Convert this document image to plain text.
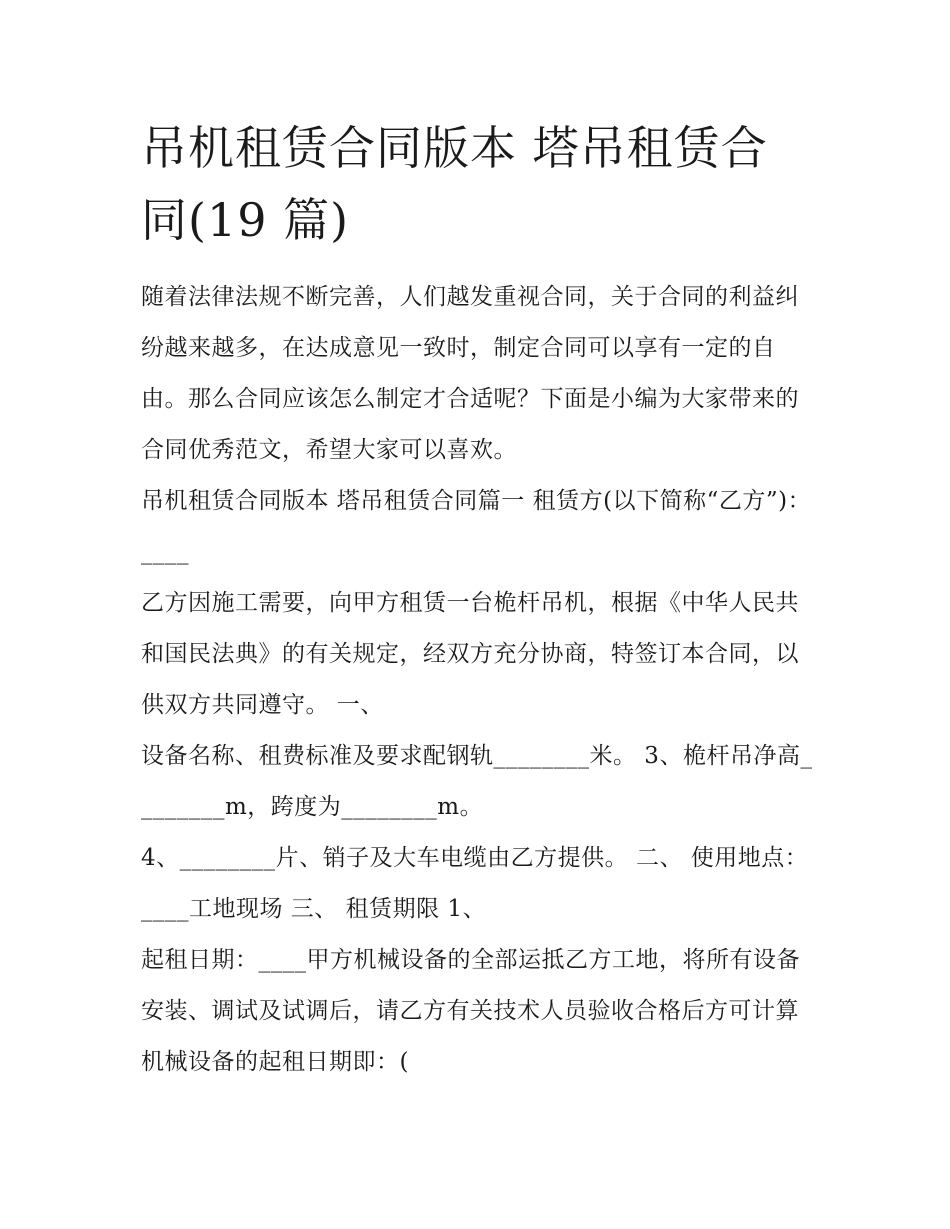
吊机租赁合同版本 塔吊租赁合同(19 篇)

随着法律法规不断完善，人们越发重视合同，关于合同的利益纠纷越来越多，在达成意见一致时，制定合同可以享有一定的自由。那么合同应该怎么制定才合适呢？下面是小编为大家带来的合同优秀范文，希望大家可以喜欢。

吊机租赁合同版本 塔吊租赁合同篇一 租赁方(以下简称“乙方”)：____

乙方因施工需要，向甲方租赁一台桅杆吊机，根据《中华人民共和国民法典》的有关规定，经双方充分协商，特签订本合同，以供双方共同遵守。 一、

设备名称、租费标准及要求配钢轨________米。 3、桅杆吊净高________m，跨度为________m。

4、________片、销子及大车电缆由乙方提供。 二、 使用地点：____工地现场 三、 租赁期限 1、

起租日期：____甲方机械设备的全部运抵乙方工地，将所有设备安装、调试及试调后，请乙方有关技术人员验收合格后方可计算机械设备的起租日期即：(
